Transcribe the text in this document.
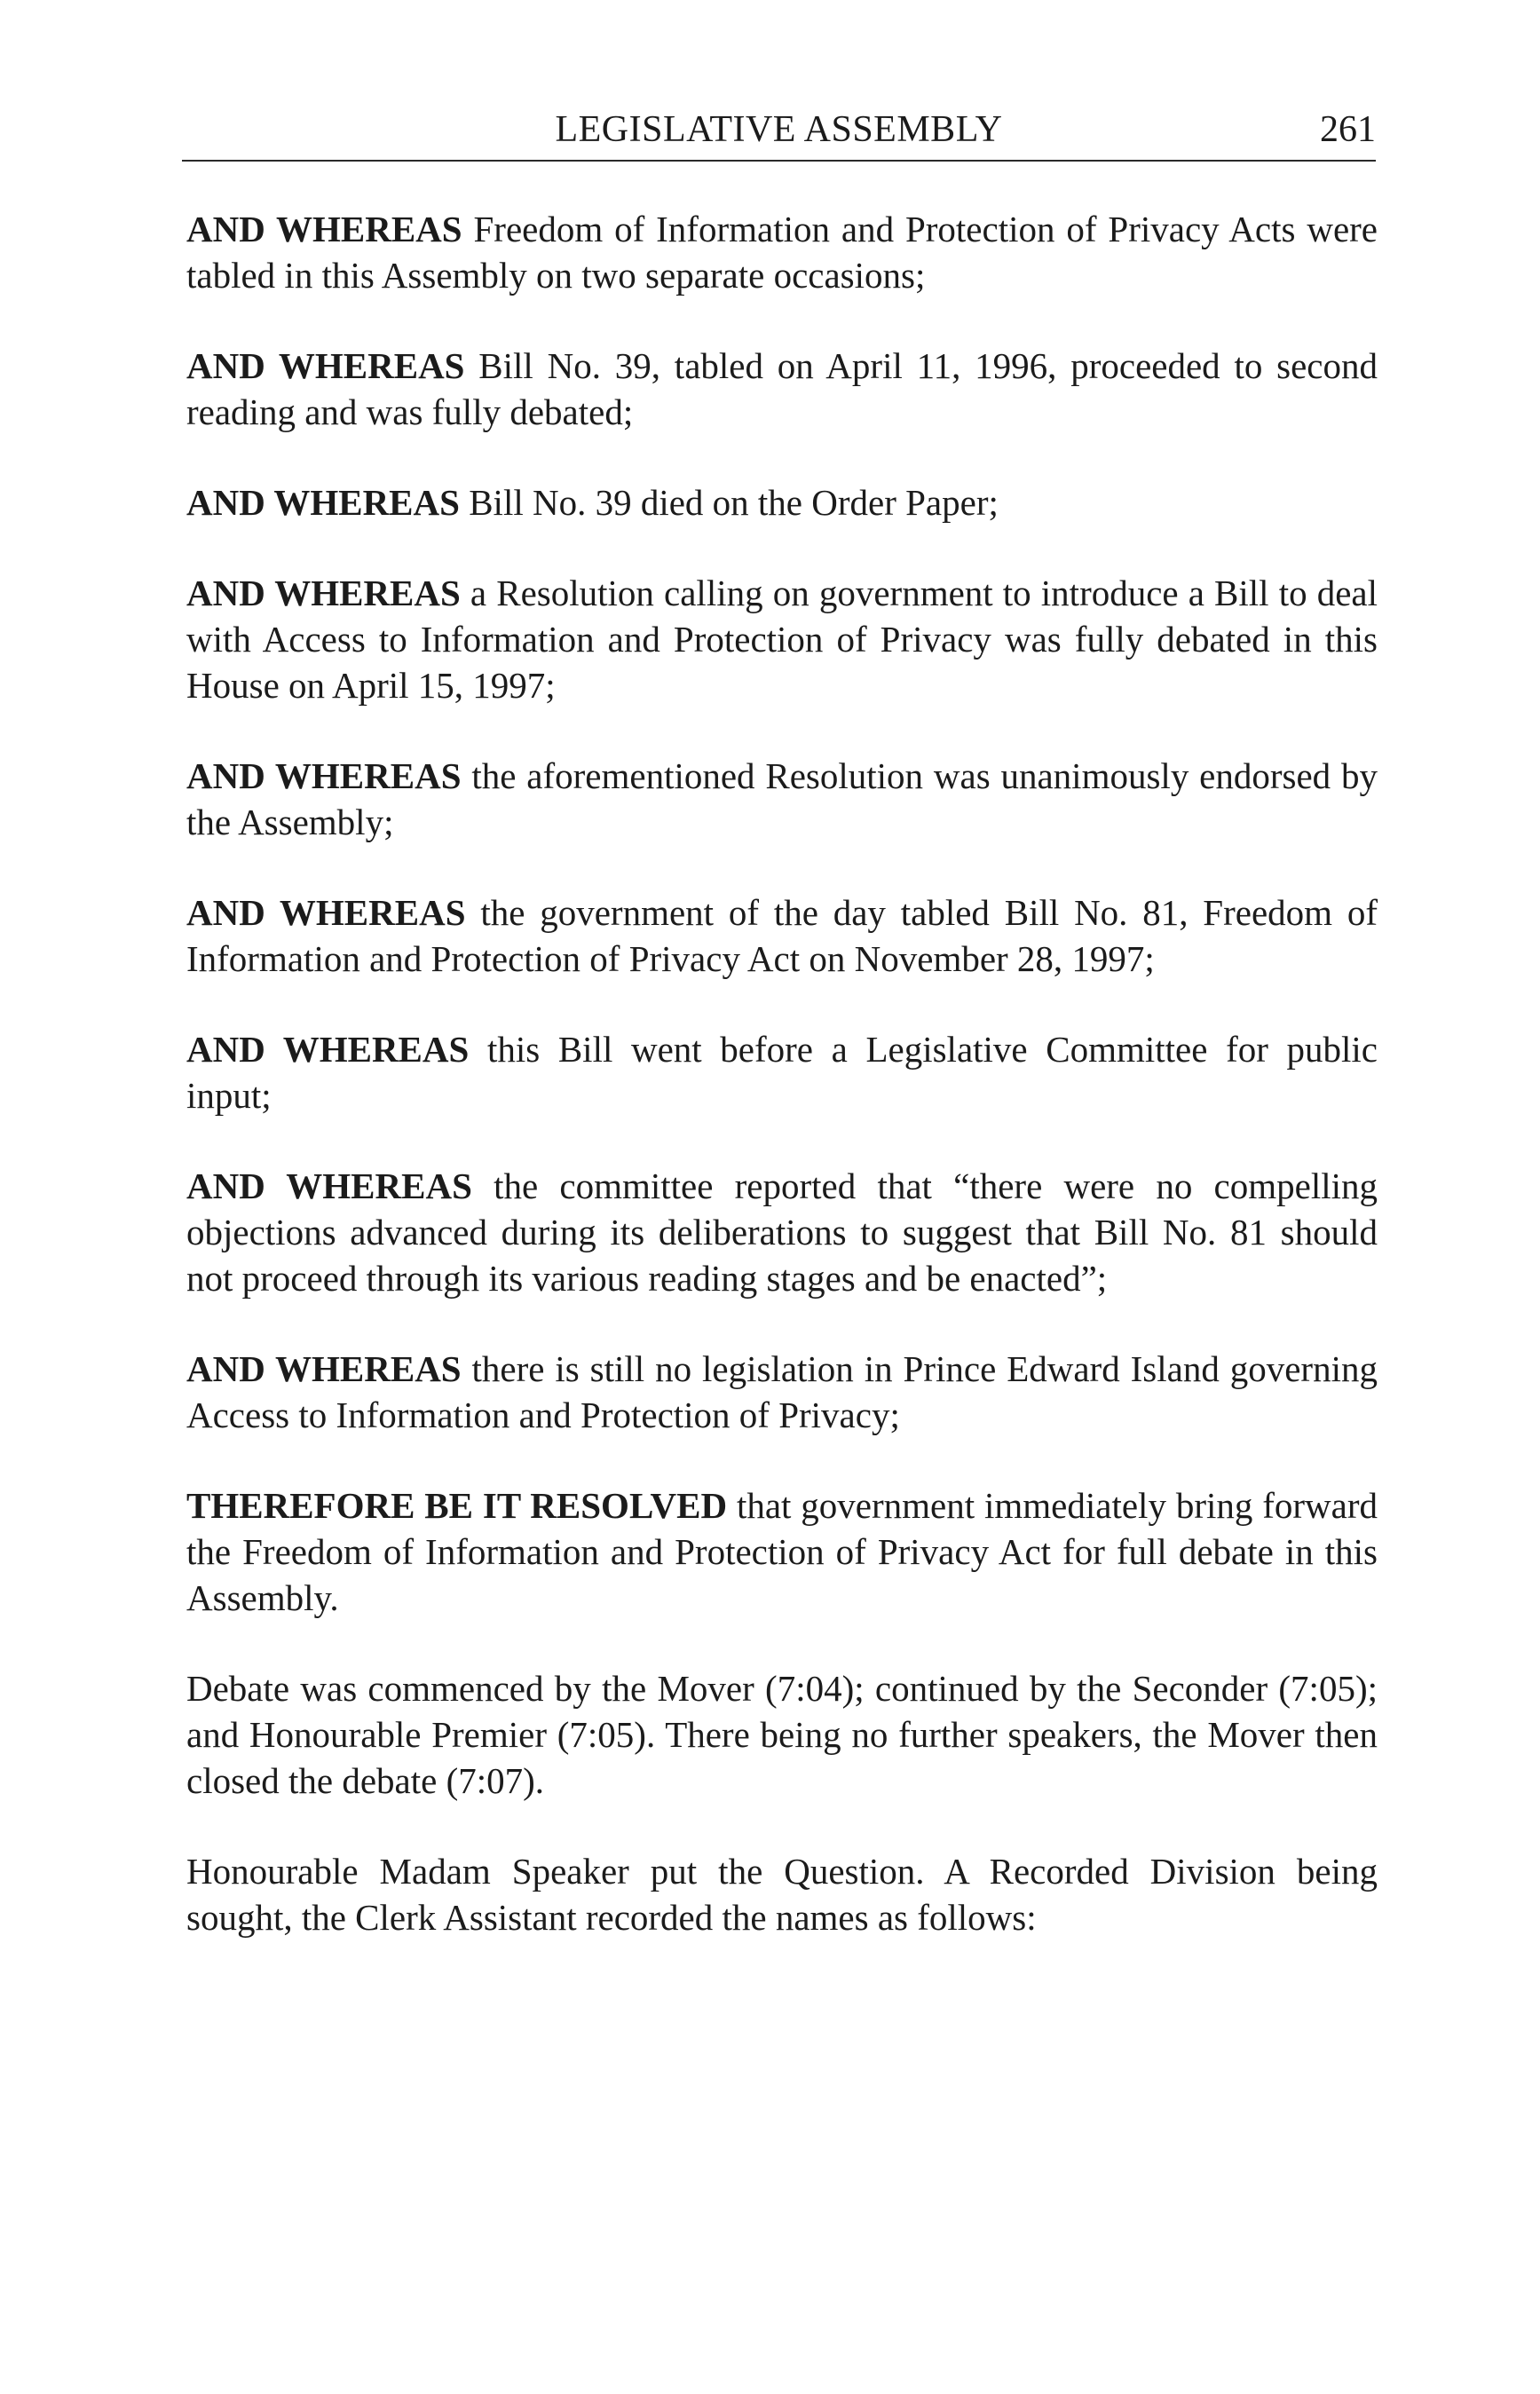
LEGISLATIVE ASSEMBLY	261

AND WHEREAS Freedom of Information and Protection of Privacy Acts were tabled in this Assembly on two separate occasions;

AND WHEREAS Bill No. 39, tabled on April 11, 1996, proceeded to second reading and was fully debated;

AND WHEREAS Bill No. 39 died on the Order Paper;

AND WHEREAS a Resolution calling on government to introduce a Bill to deal with Access to Information and Protection of Privacy was fully debated in this House on April 15, 1997;

AND WHEREAS the aforementioned Resolution was unanimously endorsed by the Assembly;

AND WHEREAS the government of the day tabled Bill No. 81, Freedom of Information and Protection of Privacy Act on November 28, 1997;

AND WHEREAS this Bill went before a Legislative Committee for public input;

AND WHEREAS the committee reported that “there were no compelling objections advanced during its deliberations to suggest that Bill No. 81 should not proceed through its various reading stages and be enacted”;

AND WHEREAS there is still no legislation in Prince Edward Island governing Access to Information and Protection of Privacy;

THEREFORE BE IT RESOLVED that government immediately bring forward the Freedom of Information and Protection of Privacy Act for full debate in this Assembly.

Debate was commenced by the Mover (7:04); continued by the Seconder (7:05); and Honourable Premier (7:05). There being no further speakers, the Mover then closed the debate (7:07).

Honourable Madam Speaker put the Question. A Recorded Division being sought, the Clerk Assistant recorded the names as follows:
